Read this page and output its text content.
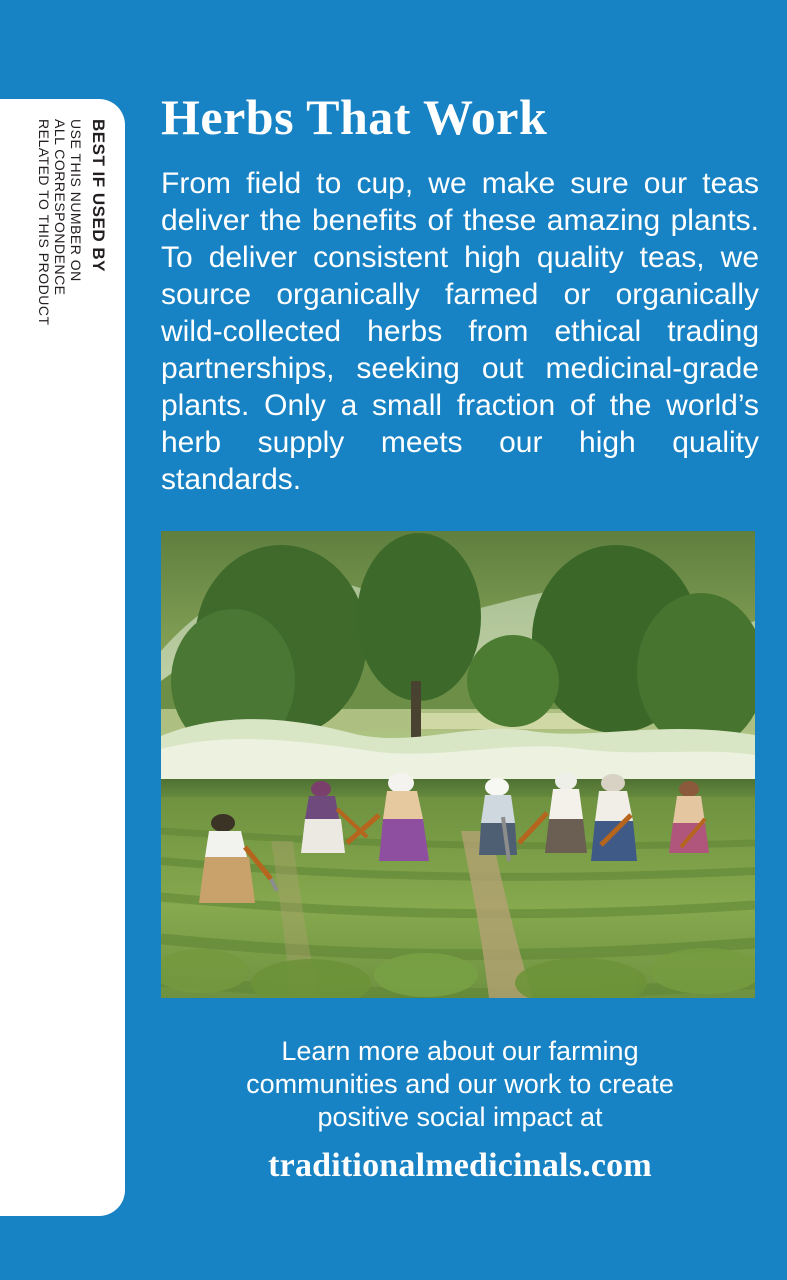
BEST IF USED BY
USE THIS NUMBER ON
ALL CORRESPONDENCE
RELATED TO THIS PRODUCT
Herbs That Work
From field to cup, we make sure our teas deliver the benefits of these amazing plants. To deliver consistent high quality teas, we source organically farmed or organically wild-collected herbs from ethical trading partnerships, seeking out medicinal-grade plants. Only a small fraction of the world’s herb supply meets our high quality standards.
Learn more about our farming
communities and our work to create
positive social impact at
traditionalmedicinals.com
